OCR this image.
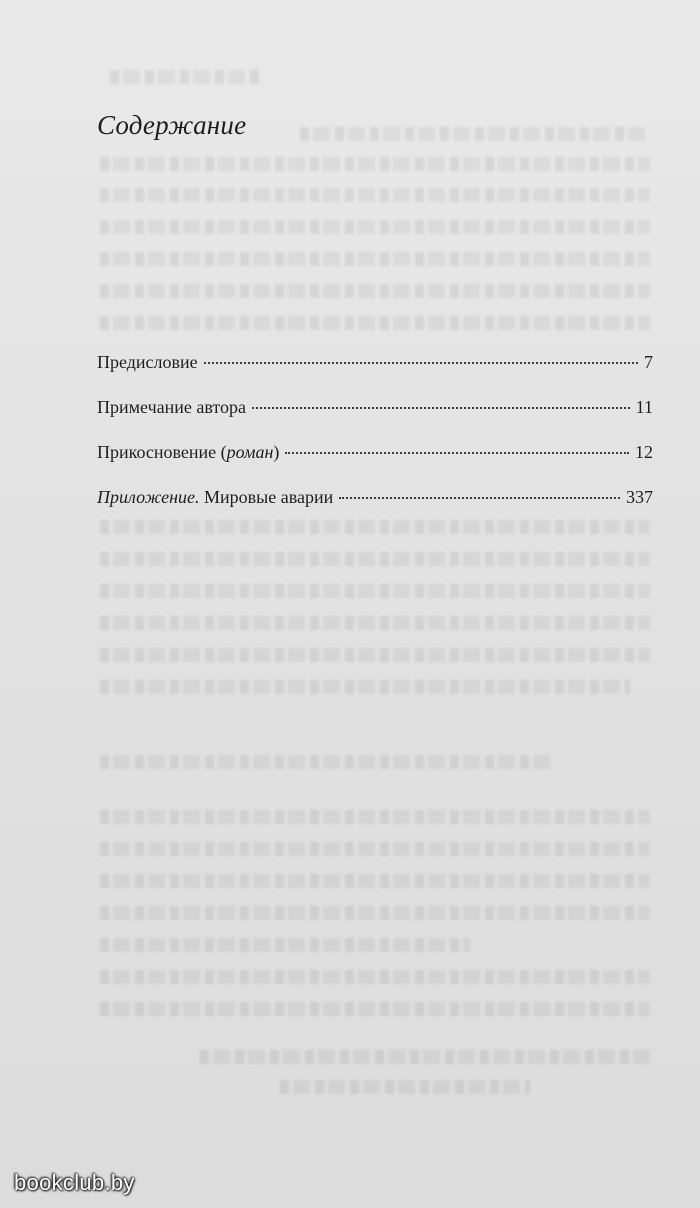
Содержание
Предисловие	7
Примечание автора	11
Прикосновение (роман)	12
Приложение. Мировые аварии	337

bookclub.by
